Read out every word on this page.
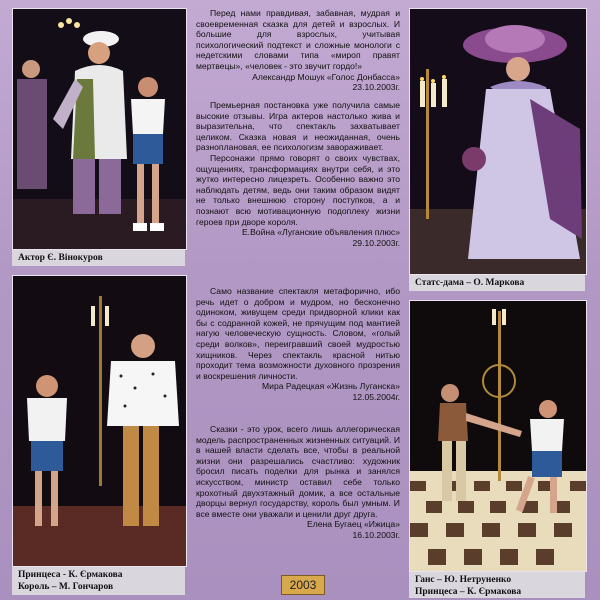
Актор Є. Вінокуров
Статс-дама – О. Маркова
Принцеса - К. Єрмакова
Король – М. Гончаров
Ганс – Ю. Нетруненко
Принцеса – К. Єрмакова

Перед нами правдивая, забавная, мудрая и своевременная сказка для детей и взрослых. И большие для взрослых, учитывая психологический подтекст и сложные монологи с недетскими словами типа «мироп правят мертвецы», «человек - это звучит гордо!»

Александр Мошук «Голос Донбасса»

23.10.2003г.

Премьерная постановка уже получила самые высокие отзывы. Игра актеров настолько жива и выразительна, что спектакль захватывает целиком. Сказка новая и неожиданная, очень разноплановая, ее психологизм завораживает.

Персонажи прямо говорят о своих чувствах, ощущениях, трансформациях внутри себя, и это жутко интересно лицезреть. Особенно важно это наблюдать детям, ведь они таким образом видят не только внешнюю сторону поступков, а и познают всю мотивационную подоплеку жизни героев при дворе короля.

Е.Война «Луганские объявления плюс»

29.10.2003г.

Само название спектакля метафорично, ибо речь идет о добром и мудром, но бесконечно одиноком, живущем среди придворной клики как бы с содранной кожей, не прячущим под мантией нагую человеческую сущность. Словом, «голый среди волков», переигравший своей мудростью хищников. Через спектакль красной нитью проходит тема возможности духовного прозрения и воскрешения личности.

Мира Радецкая «Жизнь Луганска»

12.05.2004г.

Сказки - это урок, всего лишь аллегорическая модель распространенных жизненных ситуаций. И в нашей власти сделать все, чтобы в реальной жизни они разрешались счастливо: художник бросил писать поделки для рынка и занялся искусством, министр оставил себе только крохотный двухэтажный домик, а все остальные дворцы вернул государству, король был умным. И все вместе они уважали и ценили друг друга.

Елена Бугаец «Ижица»

16.10.2003г.

2003
